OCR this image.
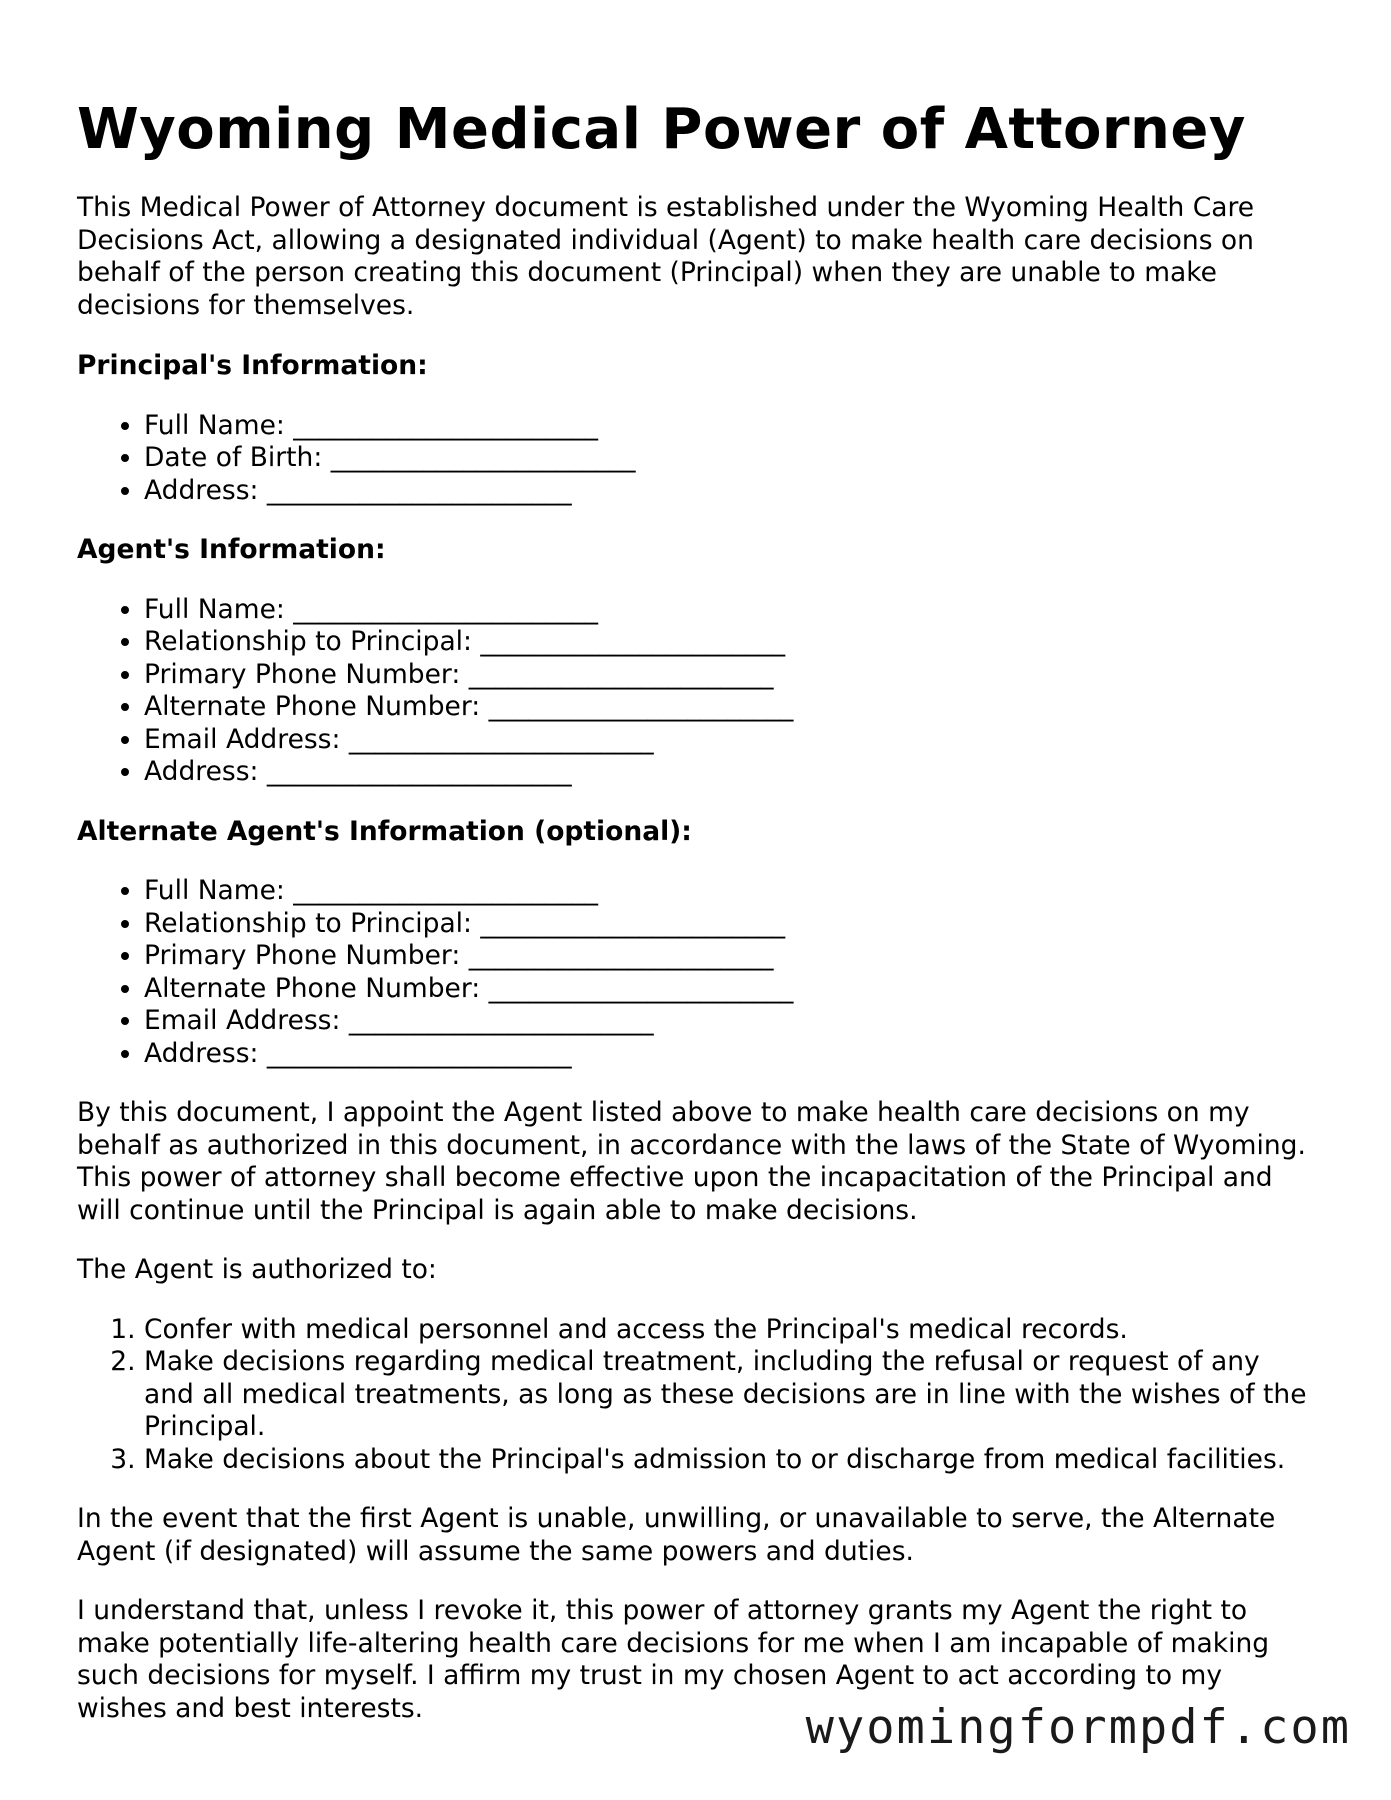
Wyoming Medical Power of Attorney

This Medical Power of Attorney document is established under the Wyoming Health Care Decisions Act, allowing a designated individual (Agent) to make health care decisions on behalf of the person creating this document (Principal) when they are unable to make decisions for themselves.

Principal's Information:
• Full Name: _______________________
• Date of Birth: _______________________
• Address: _______________________
Agent's Information:
• Full Name: _______________________
• Relationship to Principal: _______________________
• Primary Phone Number: _______________________
• Alternate Phone Number: _______________________
• Email Address: _______________________
• Address: _______________________
Alternate Agent's Information (optional):
• Full Name: _______________________
• Relationship to Principal: _______________________
• Primary Phone Number: _______________________
• Alternate Phone Number: _______________________
• Email Address: _______________________
• Address: _______________________

By this document, I appoint the Agent listed above to make health care decisions on my behalf as authorized in this document, in accordance with the laws of the State of Wyoming. This power of attorney shall become effective upon the incapacitation of the Principal and will continue until the Principal is again able to make decisions.

The Agent is authorized to:

1. Confer with medical personnel and access the Principal's medical records.
2. Make decisions regarding medical treatment, including the refusal or request of any and all medical treatments, as long as these decisions are in line with the wishes of the Principal.
3. Make decisions about the Principal's admission to or discharge from medical facilities.

In the event that the first Agent is unable, unwilling, or unavailable to serve, the Alternate Agent (if designated) will assume the same powers and duties.

I understand that, unless I revoke it, this power of attorney grants my Agent the right to make potentially life-altering health care decisions for me when I am incapable of making such decisions for myself. I affirm my trust in my chosen Agent to act according to my wishes and best interests.	wyomingformpdf.com
